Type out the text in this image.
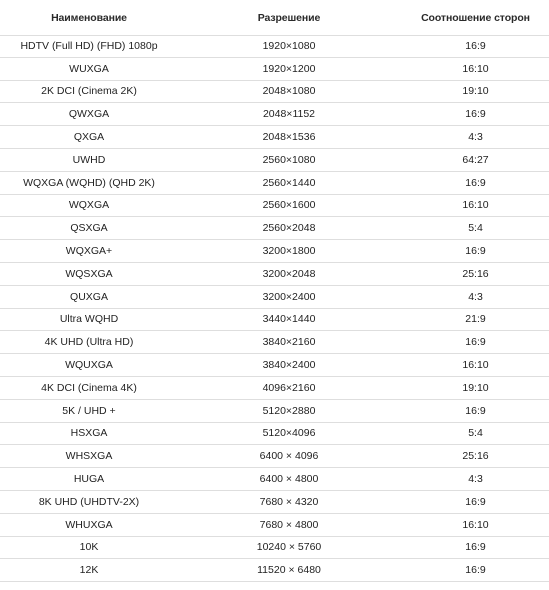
Наименование	Разрешение	Соотношение сторон
HDTV (Full HD) (FHD) 1080p	1920×1080	16:9
WUXGA	1920×1200	16:10
2K DCI (Cinema 2K)	2048×1080	19:10
QWXGA	2048×1152	16:9
QXGA	2048×1536	4:3
UWHD	2560×1080	64:27
WQXGA (WQHD) (QHD 2K)	2560×1440	16:9
WQXGA	2560×1600	16:10
QSXGA	2560×2048	5:4
WQXGA+	3200×1800	16:9
WQSXGA	3200×2048	25:16
QUXGA	3200×2400	4:3
Ultra WQHD	3440×1440	21:9
4K UHD (Ultra HD)	3840×2160	16:9
WQUXGA	3840×2400	16:10
4K DCI (Cinema 4K)	4096×2160	19:10
5K / UHD +	5120×2880	16:9
HSXGA	5120×4096	5:4
WHSXGA	6400 × 4096	25:16
HUGA	6400 × 4800	4:3
8K UHD (UHDTV-2X)	7680 × 4320	16:9
WHUXGA	7680 × 4800	16:10
10K	10240 × 5760	16:9
12K	11520 × 6480	16:9
